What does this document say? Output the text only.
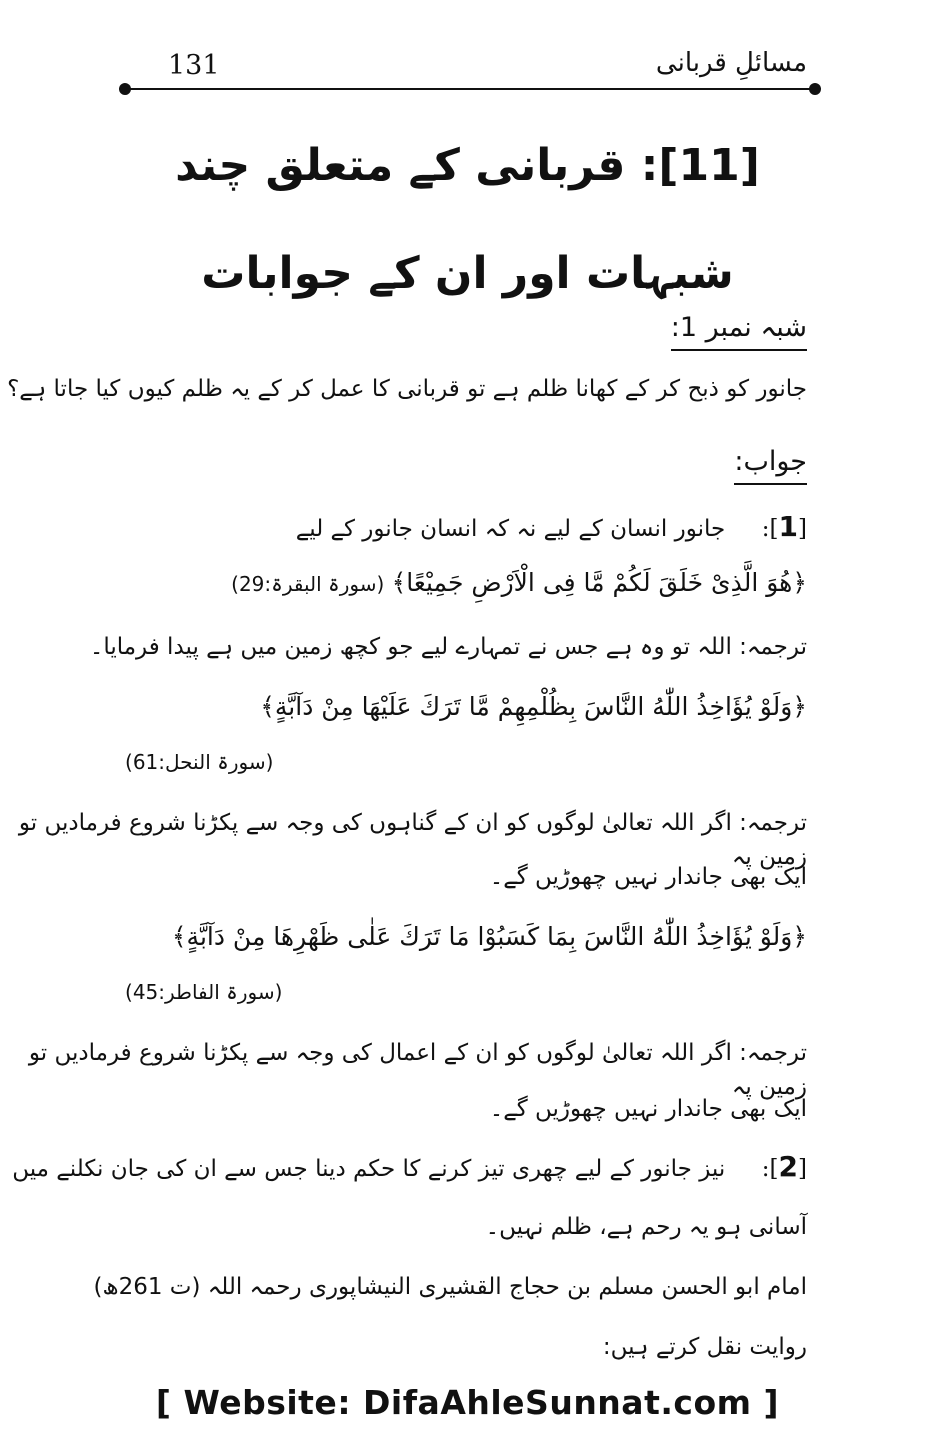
مسائلِ قربانی
131
[11]: قربانی کے متعلق چند شبہات اور ان کے جوابات
شبہ نمبر 1:
جانور کو ذبح کر کے کھانا ظلم ہے تو قربانی کا عمل کر کے یہ ظلم کیوں کیا جاتا ہے؟
جواب:
[1]:     جانور انسان کے لیے نہ کہ انسان جانور کے لیے
﴿هُوَ الَّذِیْ خَلَقَ لَكُمْ مَّا فِی الْاَرْضِ جَمِیْعًا﴾ (سورۃ البقرۃ:29)
ترجمہ: اللہ تو وہ ہے جس نے تمہارے لیے جو کچھ زمین میں ہے پیدا فرمایا۔
﴿وَلَوْ یُؤَاخِذُ اللّٰهُ النَّاسَ بِظُلْمِهِمْ مَّا تَرَكَ عَلَیْهَا مِنْ دَآبَّةٍ﴾
(سورۃ النحل:61)
ترجمہ: اگر اللہ تعالیٰ لوگوں کو ان کے گناہوں کی وجہ سے پکڑنا شروع فرمادیں تو زمین پہ
ایک بھی جاندار نہیں چھوڑیں گے۔
﴿وَلَوْ یُؤَاخِذُ اللّٰهُ النَّاسَ بِمَا كَسَبُوْا مَا تَرَكَ عَلٰی ظَهْرِهَا مِنْ دَآبَّةٍ﴾
(سورۃ الفاطر:45)
ترجمہ: اگر اللہ تعالیٰ لوگوں کو ان کے اعمال کی وجہ سے پکڑنا شروع فرمادیں تو زمین پہ
ایک بھی جاندار نہیں چھوڑیں گے۔
[2]:     نیز جانور کے لیے چھری تیز کرنے کا حکم دینا جس سے ان کی جان نکلنے میں
آسانی ہو یہ رحم ہے، ظلم نہیں۔
امام ابو الحسن مسلم بن حجاج القشیری النیشاپوری رحمہ اللہ (ت 261ھ)
روایت نقل کرتے ہیں:
[ Website: DifaAhleSunnat.com ]
